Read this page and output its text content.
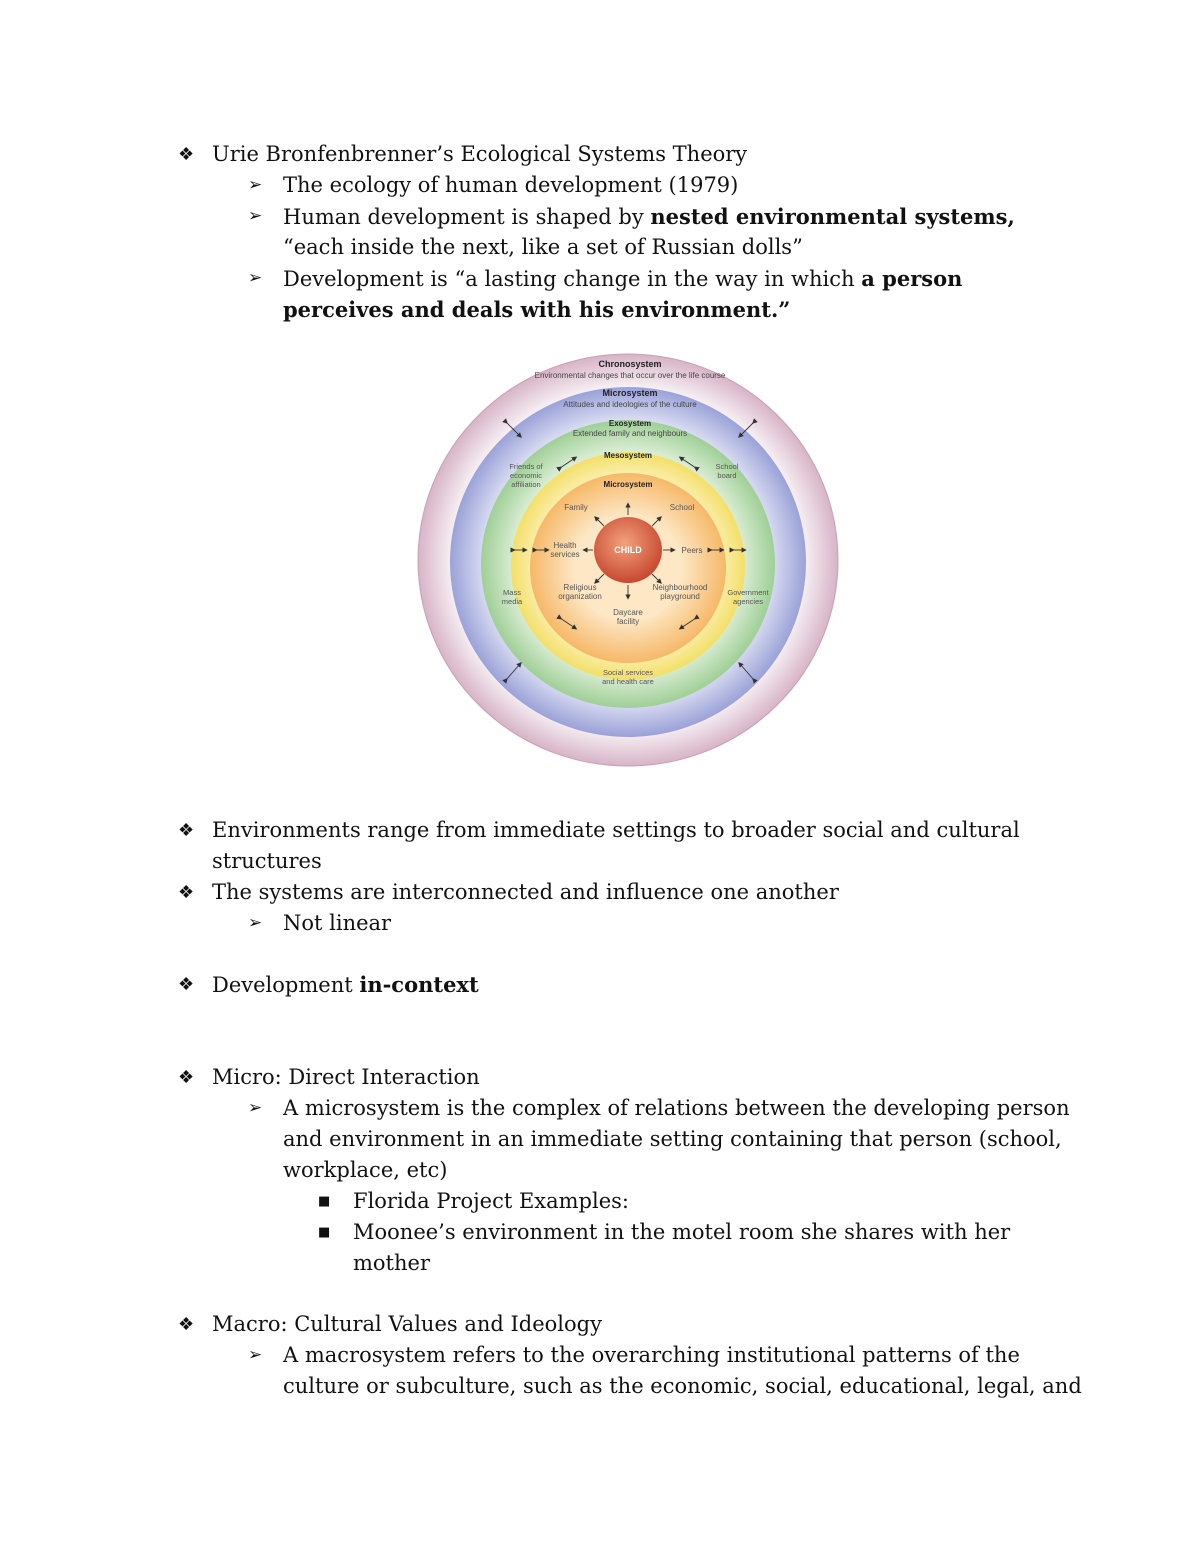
❖ Urie Bronfenbrenner’s Ecological Systems Theory
➢ The ecology of human development (1979)
➢ Human development is shaped by nested environmental systems,
“each inside the next, like a set of Russian dolls”
➢ Development is “a lasting change in the way in which a person
perceives and deals with his environment.”
Chronosystem
Environmental changes that occur over the life course
Microsystem
Attitudes and ideologies of the culture
Exosystem
Extended family and neighbours
Mesosystem
Microsystem
CHILD
Family	School
Health
services	Peers
Religious
organization
Neighbourhood
playground
Daycare
facility
Friends of
economic
affiliation
School
board
Mass
media
Government
agencies
Social services
and health care
❖ Environments range from immediate settings to broader social and cultural
structures
❖ The systems are interconnected and influence one another
➢ Not linear
❖ Development in-context
❖ Micro: Direct Interaction
➢ A microsystem is the complex of relations between the developing person
and environment in an immediate setting containing that person (school,
workplace, etc)
■ Florida Project Examples:
■ Moonee’s environment in the motel room she shares with her
mother
❖ Macro: Cultural Values and Ideology
➢ A macrosystem refers to the overarching institutional patterns of the
culture or subculture, such as the economic, social, educational, legal, and
